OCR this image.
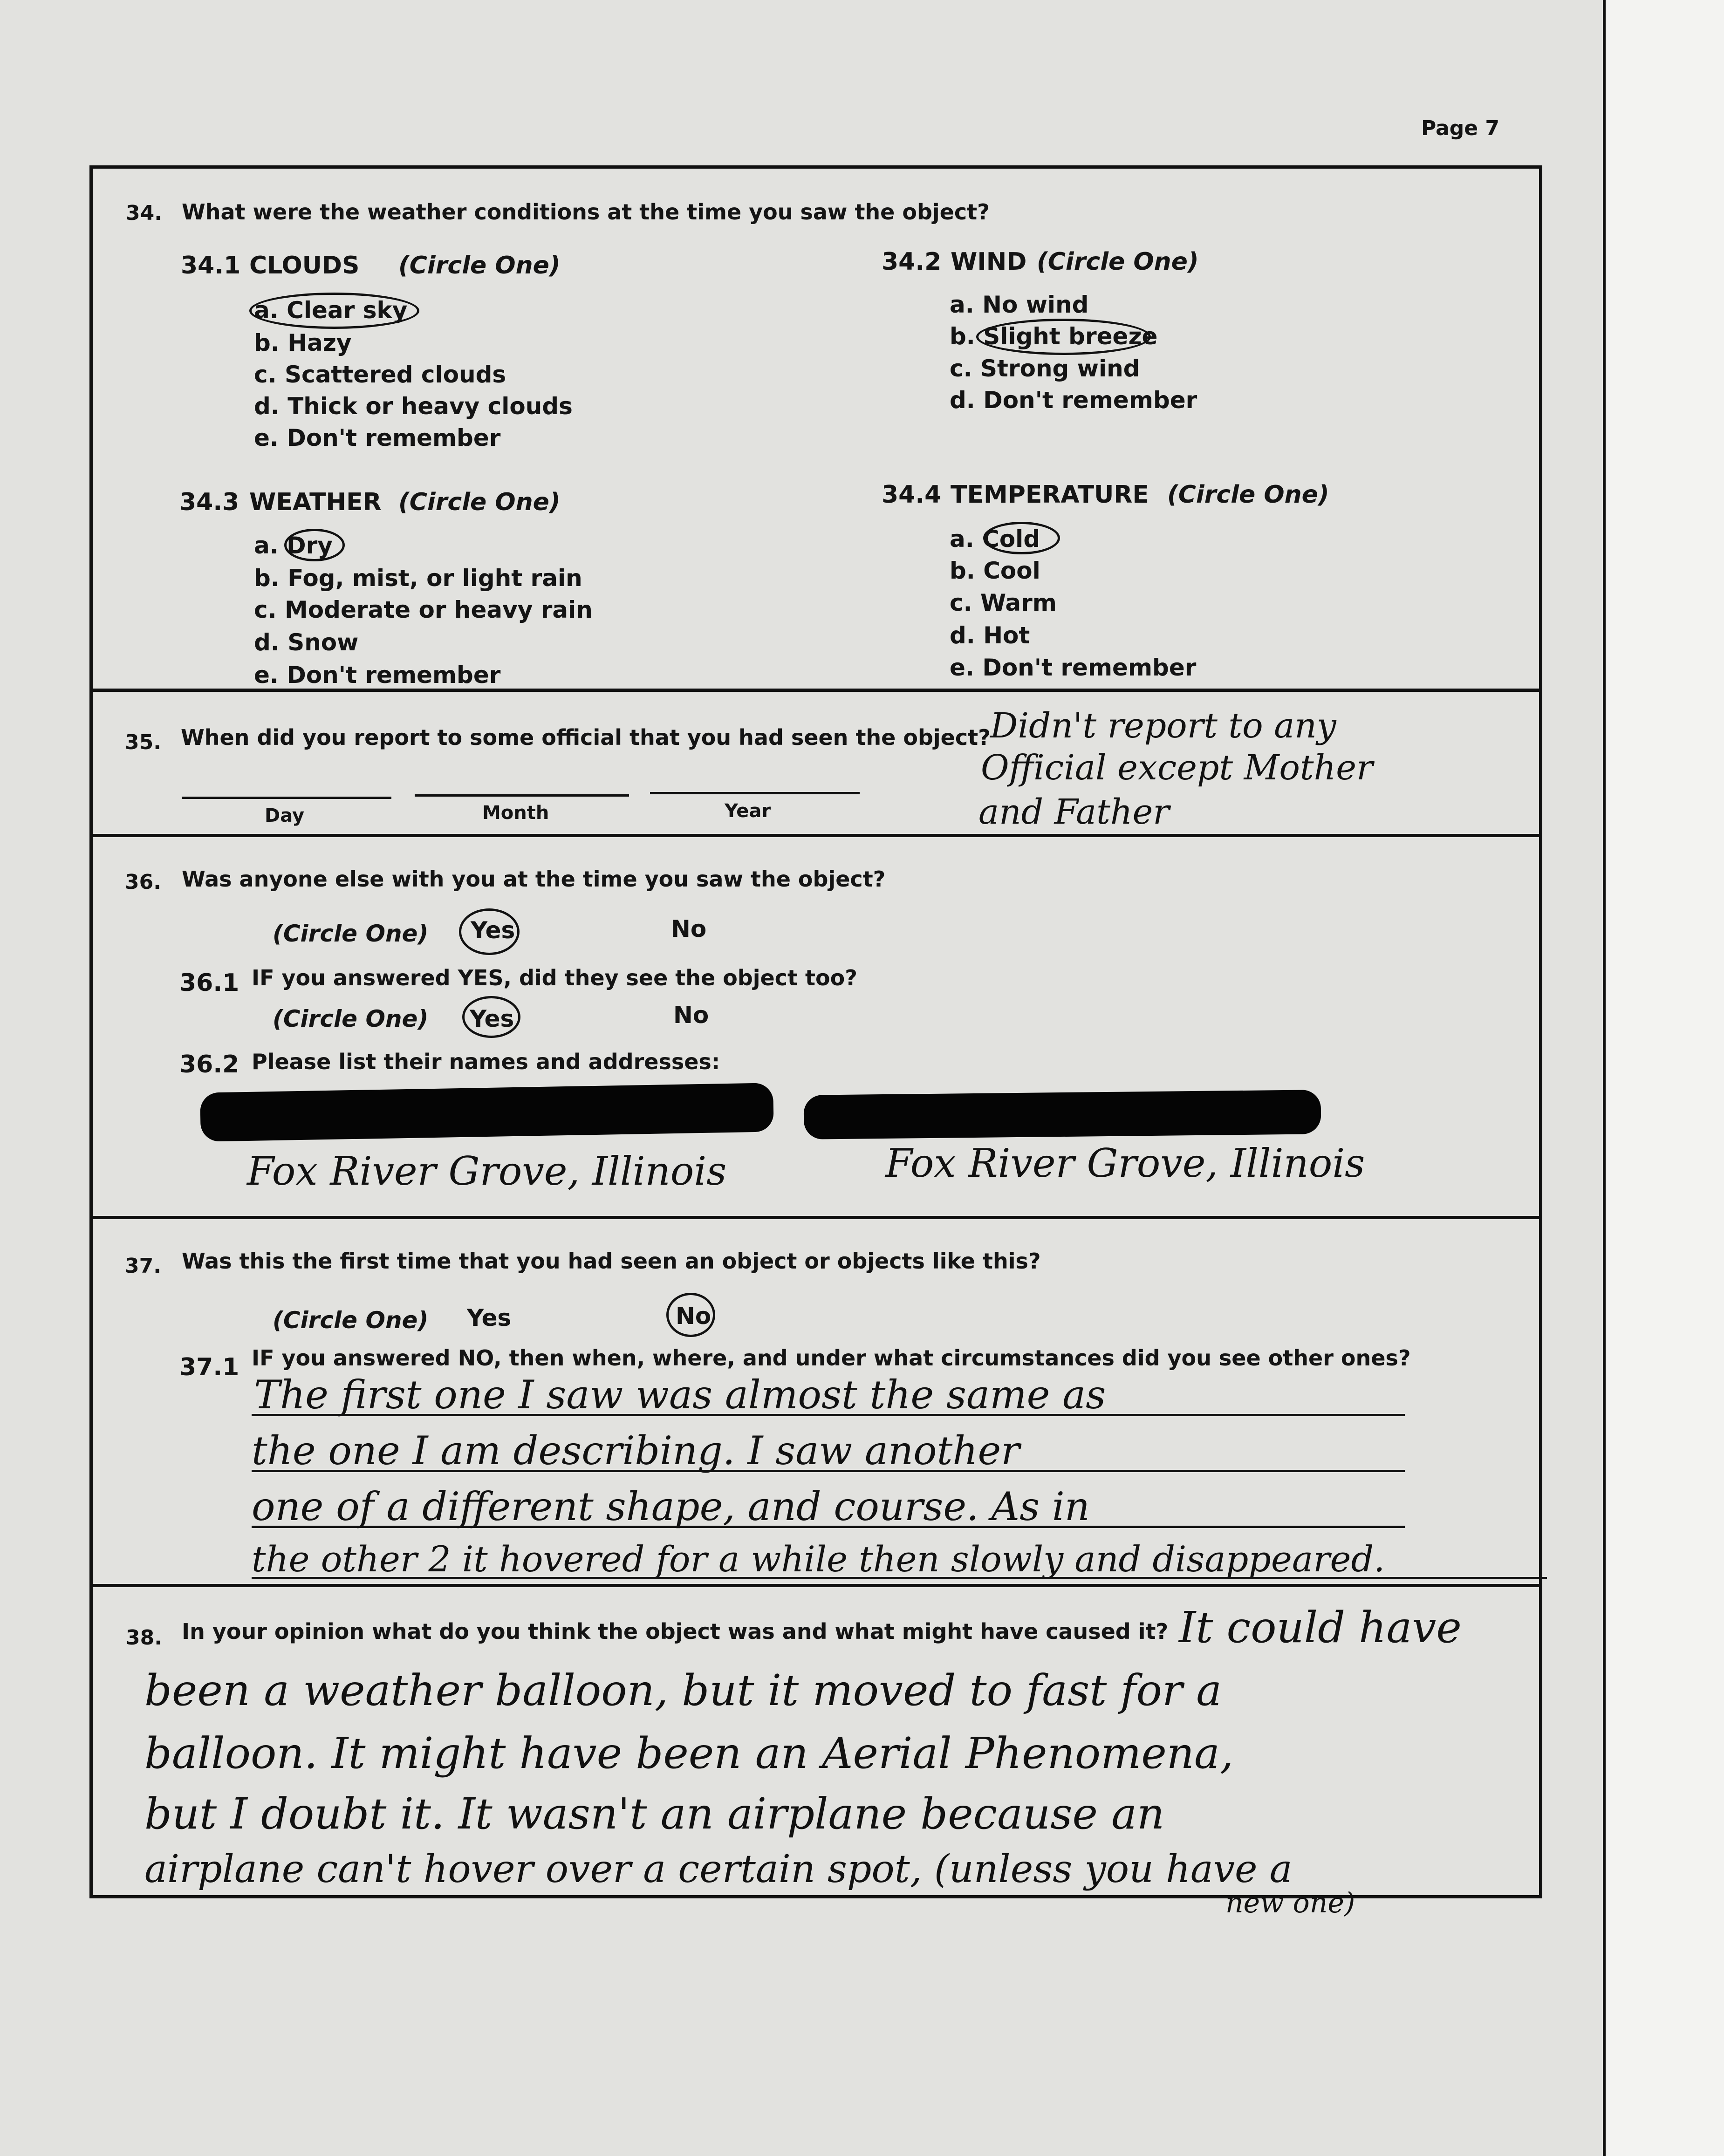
Page 7
34. What were the weather conditions at the time you saw the object?
34.1 CLOUDS (Circle One)
a. Clear sky
b. Hazy
c. Scattered clouds
d. Thick or heavy clouds
e. Don't remember
34.2 WIND (Circle One)
a. No wind
b. Slight breeze
c. Strong wind
d. Don't remember
34.3 WEATHER (Circle One)
a. Dry
b. Fog, mist, or light rain
c. Moderate or heavy rain
d. Snow
e. Don't remember
34.4 TEMPERATURE (Circle One)
a. Cold
b. Cool
c. Warm
d. Hot
e. Don't remember
35. When did you report to some official that you had seen the object?
Day	Month	Year
Didn't report to any
Official except Mother
and Father
36. Was anyone else with you at the time you saw the object?
(Circle One) Yes	No
36.1 IF you answered YES, did they see the object too?
(Circle One) Yes	No
36.2 Please list their names and addresses:
Fox River Grove, Illinois	Fox River Grove, Illinois
37. Was this the first time that you had seen an object or objects like this?
(Circle One) Yes	No
37.1 IF you answered NO, then when, where, and under what circumstances did you see other ones?
The first one I saw was almost the same as
the one I am describing. I saw another
one of a different shape, and course. As in
the other 2 it hovered for a while then slowly and disappeared.
38. In your opinion what do you think the object was and what might have caused it? It could have
been a weather balloon, but it moved to fast for a
balloon. It might have been an Aerial Phenomena,
but I doubt it. It wasn't an airplane because an
airplane can't hover over a certain spot, (unless you have a
new one)
